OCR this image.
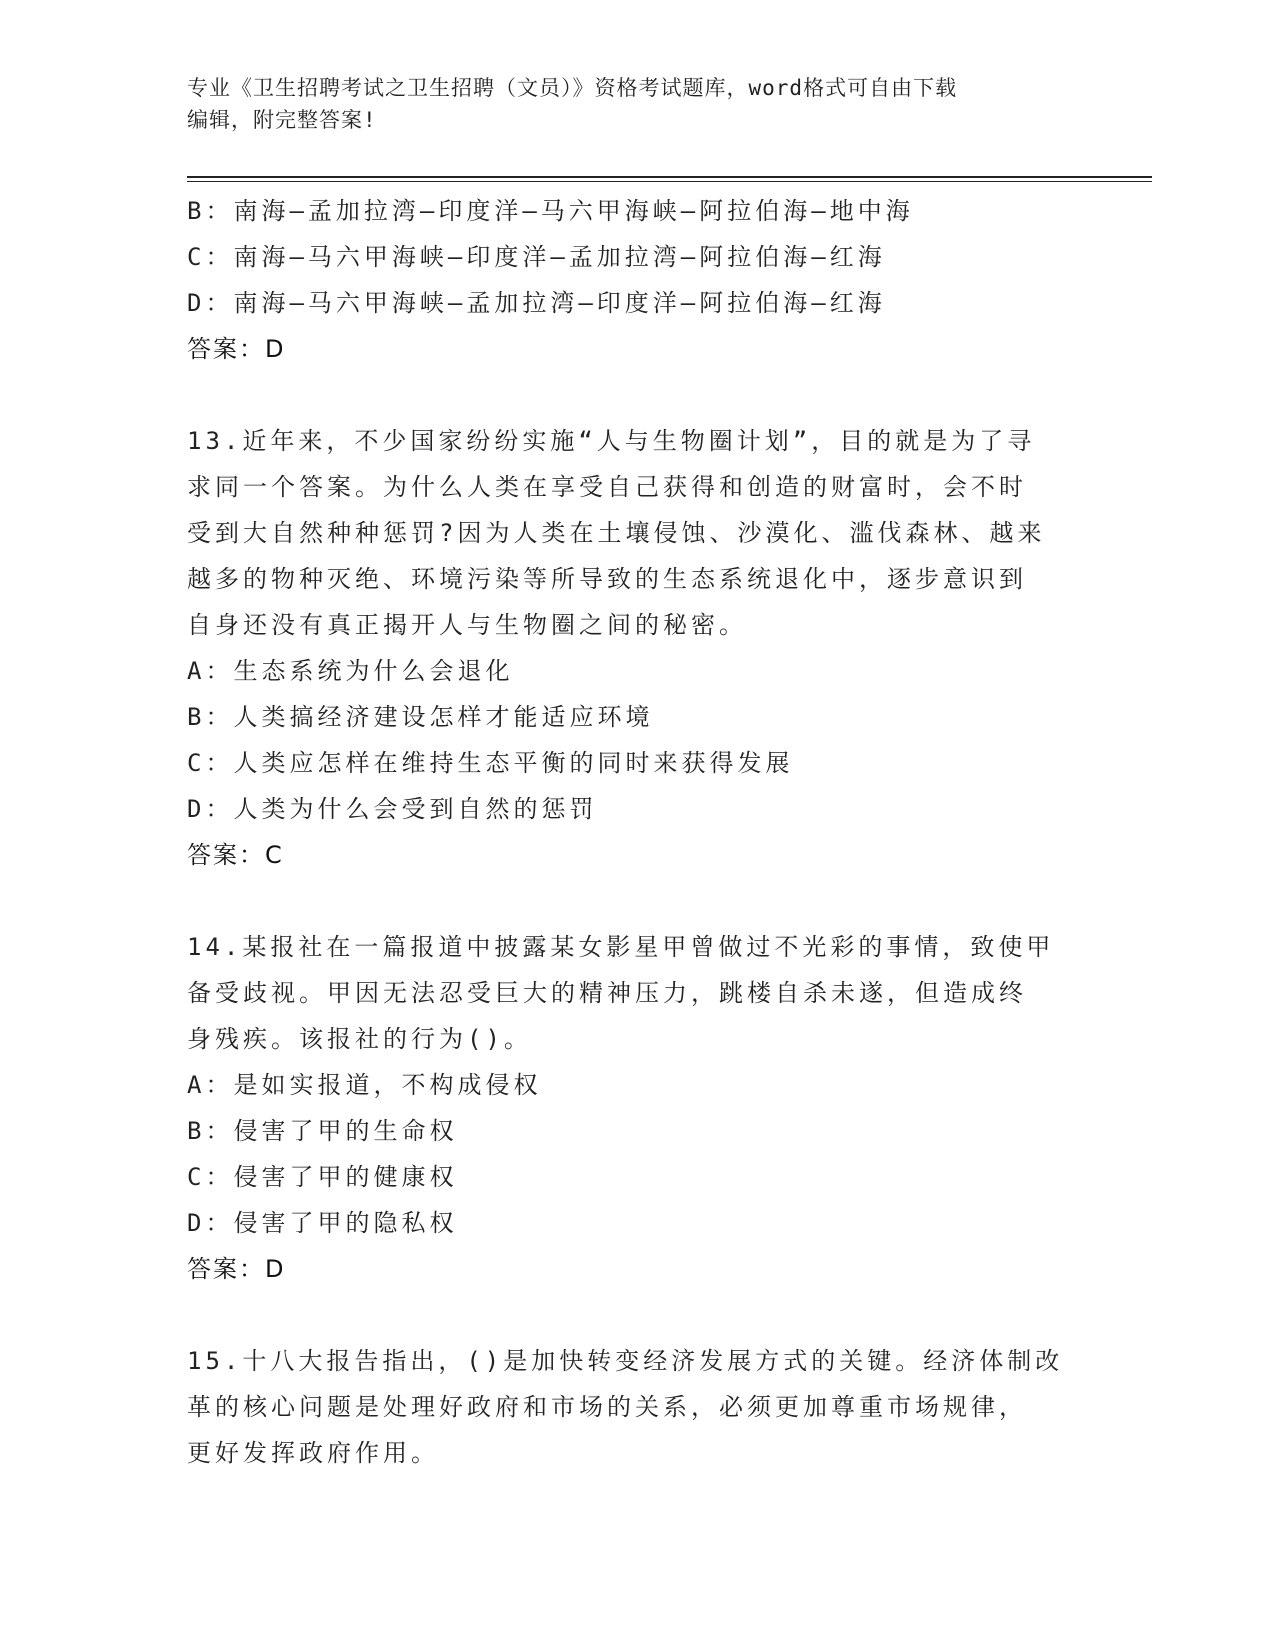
专业《卫生招聘考试之卫生招聘（文员）》资格考试题库，word格式可自由下载
编辑，附完整答案!
B：南海—孟加拉湾—印度洋—马六甲海峡—阿拉伯海—地中海
C：南海—马六甲海峡—印度洋—孟加拉湾—阿拉伯海—红海
D：南海—马六甲海峡—孟加拉湾—印度洋—阿拉伯海—红海
答案：D
13.近年来，不少国家纷纷实施“人与生物圈计划”，目的就是为了寻
求同一个答案。为什么人类在享受自己获得和创造的财富时，会不时
受到大自然种种惩罚?因为人类在土壤侵蚀、沙漠化、滥伐森林、越来
越多的物种灭绝、环境污染等所导致的生态系统退化中，逐步意识到
自身还没有真正揭开人与生物圈之间的秘密。
A：生态系统为什么会退化
B：人类搞经济建设怎样才能适应环境
C：人类应怎样在维持生态平衡的同时来获得发展
D：人类为什么会受到自然的惩罚
答案：C
14.某报社在一篇报道中披露某女影星甲曾做过不光彩的事情，致使甲
备受歧视。甲因无法忍受巨大的精神压力，跳楼自杀未遂，但造成终
身残疾。该报社的行为()。
A：是如实报道，不构成侵权
B：侵害了甲的生命权
C：侵害了甲的健康权
D：侵害了甲的隐私权
答案：D
15.十八大报告指出，()是加快转变经济发展方式的关键。经济体制改
革的核心问题是处理好政府和市场的关系，必须更加尊重市场规律，
更好发挥政府作用。
